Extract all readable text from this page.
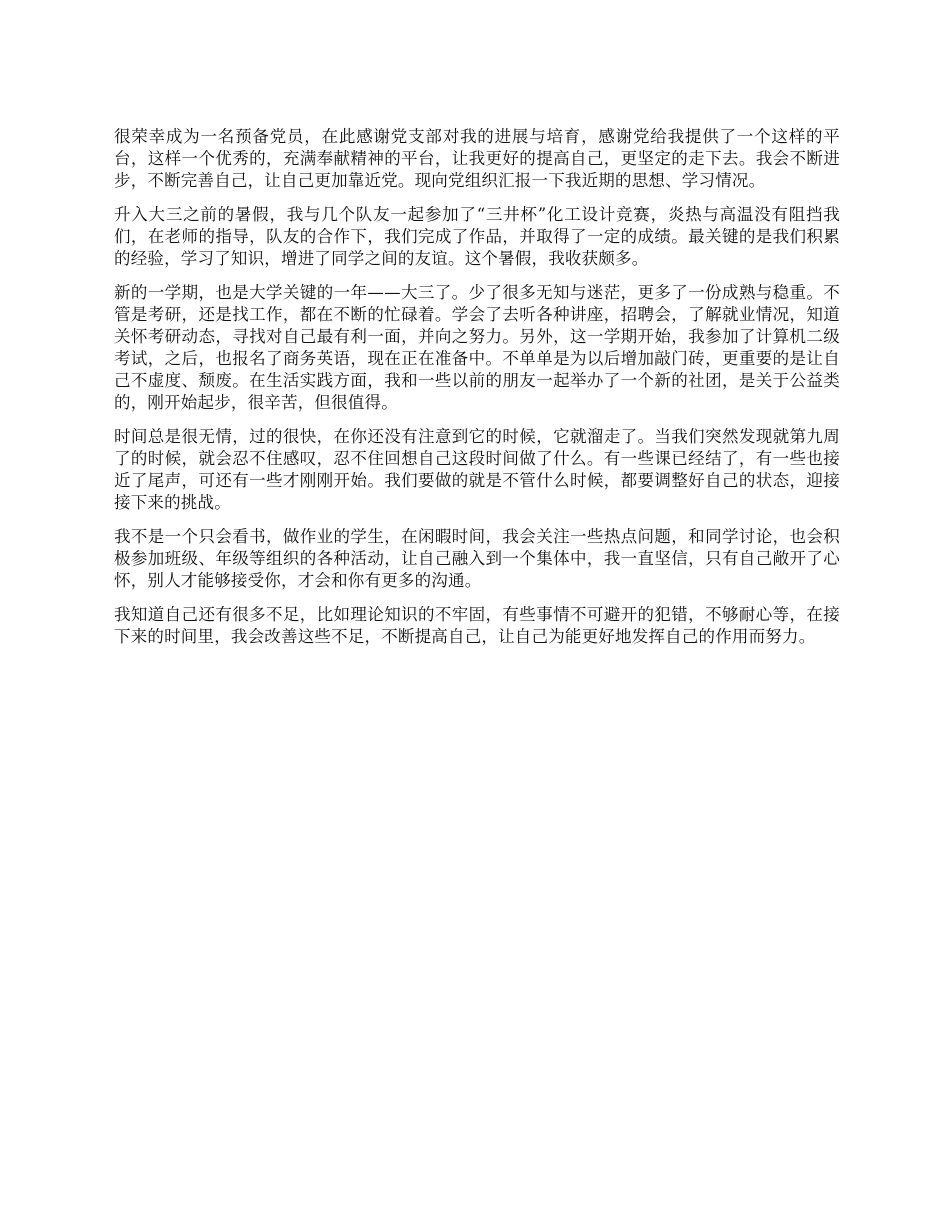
很荣幸成为一名预备党员，在此感谢党支部对我的进展与培育，感谢党给我提供了一个这样的平台，这样一个优秀的，充满奉献精神的平台，让我更好的提高自己，更坚定的走下去。我会不断进步，不断完善自己，让自己更加靠近党。现向党组织汇报一下我近期的思想、学习情况。

升入大三之前的暑假，我与几个队友一起参加了“三井杯”化工设计竞赛，炎热与高温没有阻挡我们，在老师的指导，队友的合作下，我们完成了作品，并取得了一定的成绩。最关键的是我们积累的经验，学习了知识，增进了同学之间的友谊。这个暑假，我收获颇多。

新的一学期，也是大学关键的一年——大三了。少了很多无知与迷茫，更多了一份成熟与稳重。不管是考研，还是找工作，都在不断的忙碌着。学会了去听各种讲座，招聘会，了解就业情况，知道关怀考研动态，寻找对自己最有利一面，并向之努力。另外，这一学期开始，我参加了计算机二级考试，之后，也报名了商务英语，现在正在准备中。不单单是为以后增加敲门砖，更重要的是让自己不虚度、颓废。在生活实践方面，我和一些以前的朋友一起举办了一个新的社团，是关于公益类的，刚开始起步，很辛苦，但很值得。

时间总是很无情，过的很快，在你还没有注意到它的时候，它就溜走了。当我们突然发现就第九周了的时候，就会忍不住感叹，忍不住回想自己这段时间做了什么。有一些课已经结了，有一些也接近了尾声，可还有一些才刚刚开始。我们要做的就是不管什么时候，都要调整好自己的状态，迎接接下来的挑战。

我不是一个只会看书，做作业的学生，在闲暇时间，我会关注一些热点问题，和同学讨论，也会积极参加班级、年级等组织的各种活动，让自己融入到一个集体中，我一直坚信，只有自己敞开了心怀，别人才能够接受你，才会和你有更多的沟通。

我知道自己还有很多不足，比如理论知识的不牢固，有些事情不可避开的犯错，不够耐心等，在接下来的时间里，我会改善这些不足，不断提高自己，让自己为能更好地发挥自己的作用而努力。
